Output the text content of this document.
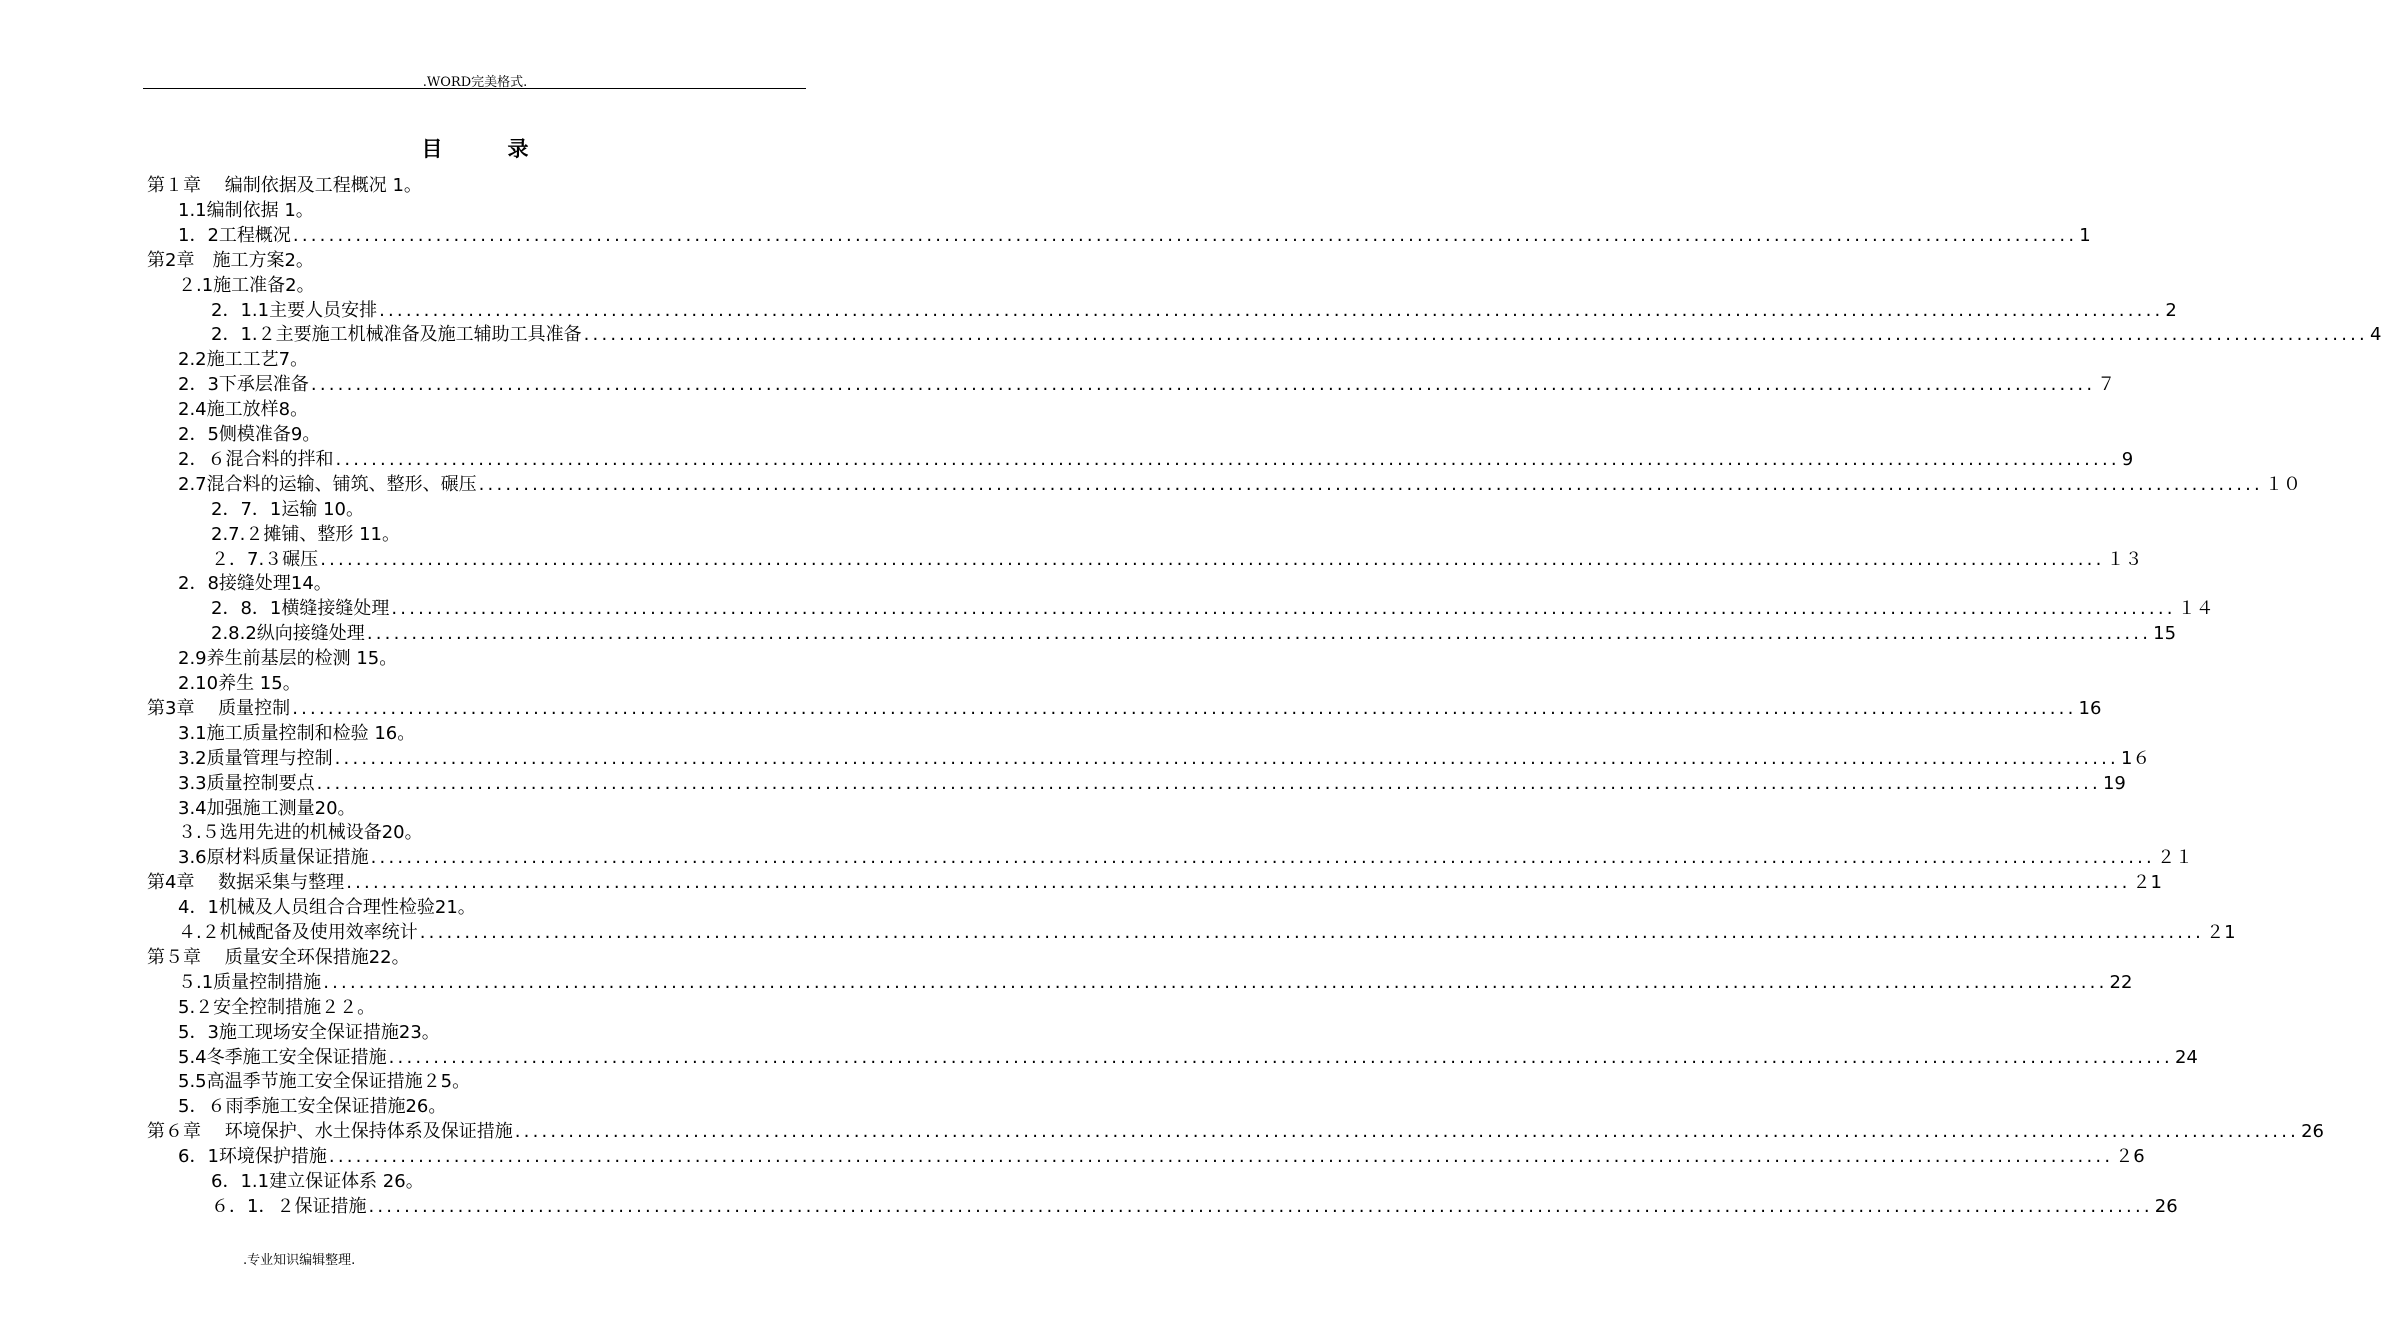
.WORD完美格式.
目　录
第１章　 编制依据及工程概况 1。
1.1编制依据 1。
1．2工程概况 ........................................................................................................................................................................................................ 1
第2章　施工方案2。
２.1施工准备2。
2．1.1主要人员安排 ........................................................................................................................................................................................................ 2
2．1.２主要施工机械准备及施工辅助工具准备 ........................................................................................................................................................................................................ 4
2.2施工工艺7。
2．3下承层准备 ........................................................................................................................................................................................................ ７
2.4施工放样8。
2．5侧模准备9。
2．６混合料的拌和 ........................................................................................................................................................................................................ 9
2.7混合料的运输、铺筑、整形、碾压 ........................................................................................................................................................................................................ １０
2．7．1运输 10。
2.7.２摊铺、整形 11。
２．7.３碾压 ........................................................................................................................................................................................................ １３
2．8接缝处理14。
2．8．1横缝接缝处理 ........................................................................................................................................................................................................ １４
2.8.2纵向接缝处理 ........................................................................................................................................................................................................ 15
2.9养生前基层的检测 15。
2.10养生 15。
第3章　 质量控制 ........................................................................................................................................................................................................ 16
3.1施工质量控制和检验 16。
3.2质量管理与控制 ........................................................................................................................................................................................................ 1６
3.3质量控制要点 ........................................................................................................................................................................................................ 19
3.4加强施工测量20。
３.５选用先进的机械设备20。
3.6原材料质量保证措施 ........................................................................................................................................................................................................ ２１
第4章　 数据采集与整理 ........................................................................................................................................................................................................ ２1
4．1机械及人员组合合理性检验21。
４.２机械配备及使用效率统计 ........................................................................................................................................................................................................ ２1
第５章　 质量安全环保措施22。
５.1质量控制措施 ........................................................................................................................................................................................................ 22
5.２安全控制措施２２。
5．3施工现场安全保证措施23。
5.4冬季施工安全保证措施 ........................................................................................................................................................................................................ 24
5.5高温季节施工安全保证措施２5。
5．６雨季施工安全保证措施26。
第６章　 环境保护、水土保持体系及保证措施 ........................................................................................................................................................................................................ 26
6．1环境保护措施 ........................................................................................................................................................................................................ ２6
6．1.1建立保证体系 26。
６．1．２保证措施 ........................................................................................................................................................................................................ 26
.专业知识编辑整理.
